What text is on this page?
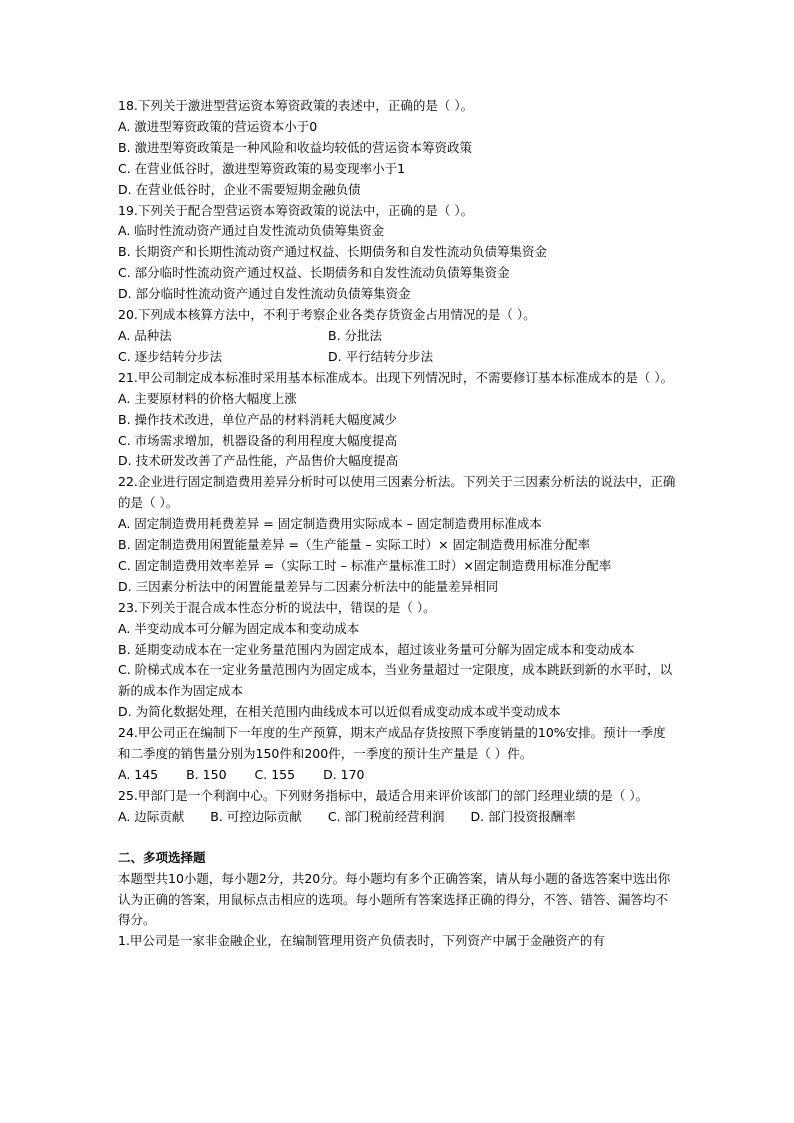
18.下列关于激进型营运资本筹资政策的表述中，正确的是（ ）。
A. 激进型筹资政策的营运资本小于0
B. 激进型筹资政策是一种风险和收益均较低的营运资本筹资政策
C. 在营业低谷时，激进型筹资政策的易变现率小于1
D. 在营业低谷时，企业不需要短期金融负债
19.下列关于配合型营运资本筹资政策的说法中，正确的是（ ）。
A. 临时性流动资产通过自发性流动负债筹集资金
B. 长期资产和长期性流动资产通过权益、长期债务和自发性流动负债筹集资金
C. 部分临时性流动资产通过权益、长期债务和自发性流动负债筹集资金
D. 部分临时性流动资产通过自发性流动负债筹集资金
20.下列成本核算方法中，不利于考察企业各类存货资金占用情况的是（ ）。
A. 品种法	B. 分批法
C. 逐步结转分步法	D. 平行结转分步法
21.甲公司制定成本标准时采用基本标准成本。出现下列情况时，不需要修订基本标准成本的是（ ）。
A. 主要原材料的价格大幅度上涨
B. 操作技术改进，单位产品的材料消耗大幅度减少
C. 市场需求增加，机器设备的利用程度大幅度提高
D. 技术研发改善了产品性能，产品售价大幅度提高
22.企业进行固定制造费用差异分析时可以使用三因素分析法。下列关于三因素分析法的说法中，正确的是（ ）。
A. 固定制造费用耗费差异 = 固定制造费用实际成本 – 固定制造费用标准成本
B. 固定制造费用闲置能量差异 =（生产能量 – 实际工时）× 固定制造费用标准分配率
C. 固定制造费用效率差异 =（实际工时 – 标准产量标准工时）×固定制造费用标准分配率
D. 三因素分析法中的闲置能量差异与二因素分析法中的能量差异相同
23.下列关于混合成本性态分析的说法中，错误的是（ ）。
A. 半变动成本可分解为固定成本和变动成本
B. 延期变动成本在一定业务量范围内为固定成本，超过该业务量可分解为固定成本和变动成本
C. 阶梯式成本在一定业务量范围内为固定成本，当业务量超过一定限度，成本跳跃到新的水平时，以新的成本作为固定成本
D. 为简化数据处理，在相关范围内曲线成本可以近似看成变动成本或半变动成本
24.甲公司正在编制下一年度的生产预算，期末产成品存货按照下季度销量的10%安排。预计一季度和二季度的销售量分别为150件和200件，一季度的预计生产量是（ ）件。
A. 145 B. 150 C. 155 D. 170
25.甲部门是一个利润中心。下列财务指标中，最适合用来评价该部门的部门经理业绩的是（ ）。
A. 边际贡献 B. 可控边际贡献 C. 部门税前经营利润 D. 部门投资报酬率
二、多项选择题
本题型共10小题，每小题2分，共20分。每小题均有多个正确答案，请从每小题的备选答案中选出你认为正确的答案，用鼠标点击相应的选项。每小题所有答案选择正确的得分，不答、错答、漏答均不得分。
1.甲公司是一家非金融企业，在编制管理用资产负债表时，下列资产中属于金融资产的有
